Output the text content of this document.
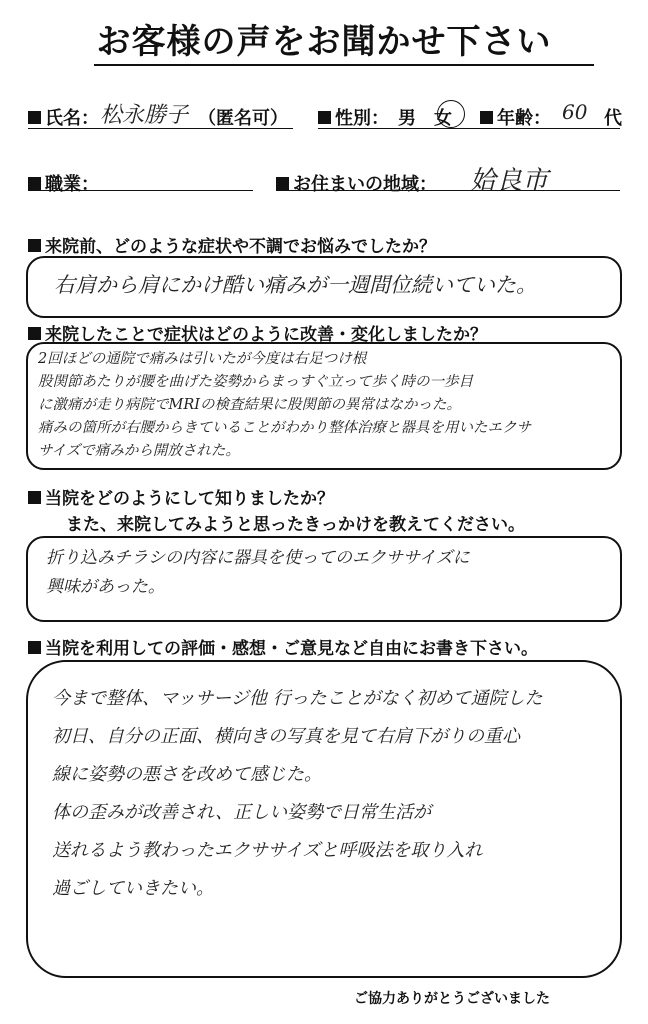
お客様の声をお聞かせ下さい
氏名： 松永勝子 （匿名可）	性別： 男　女	年齢： 60 代
職業：	お住まいの地域： 姶良市
来院前、どのような症状や不調でお悩みでしたか？
右肩から肩にかけ酷い痛みが一週間位続いていた。
来院したことで症状はどのように改善・変化しましたか？
2回ほどの通院で痛みは引いたが今度は右足つけ根
股関節あたりが腰を曲げた姿勢からまっすぐ立って歩く時の一歩目
に激痛が走り病院でMRIの検査結果に股関節の異常はなかった。
痛みの箇所が右腰からきていることがわかり整体治療と器具を用いたエクサ
サイズで痛みから開放された。
当院をどのようにして知りましたか？
また、来院してみようと思ったきっかけを教えてください。
折り込みチラシの内容に器具を使ってのエクササイズに
興味があった。
当院を利用しての評価・感想・ご意見など自由にお書き下さい。
今まで整体、マッサージ他 行ったことがなく初めて通院した
初日、自分の正面、横向きの写真を見て右肩下がりの重心
線に姿勢の悪さを改めて感じた。
体の歪みが改善され、正しい姿勢で日常生活が
送れるよう教わったエクササイズと呼吸法を取り入れ
過ごしていきたい。
ご協力ありがとうございました
